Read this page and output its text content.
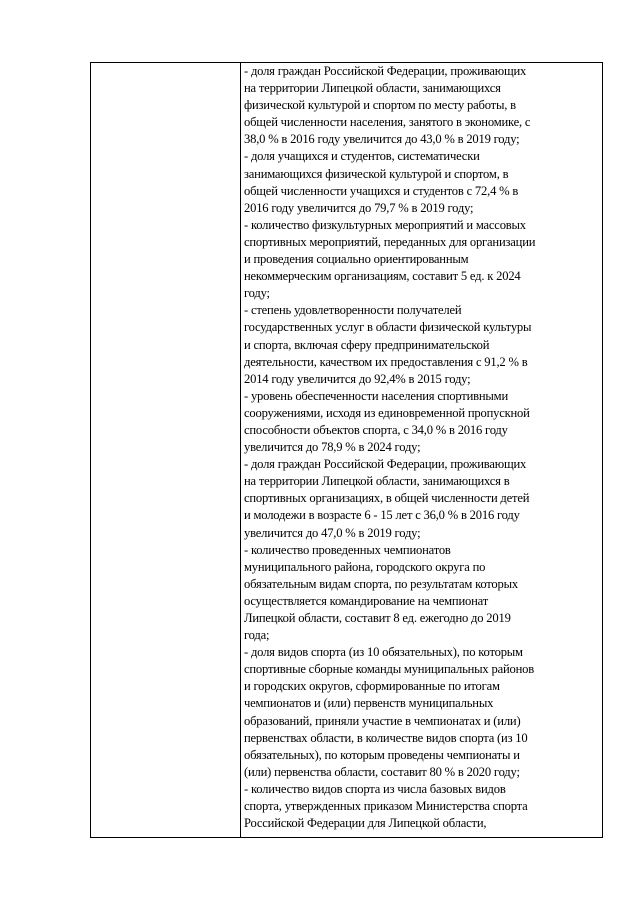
- доля граждан Российской Федерации, проживающих
на территории Липецкой области, занимающихся
физической культурой и спортом по месту работы, в
общей численности населения, занятого в экономике, с
38,0 % в 2016 году увеличится до 43,0 % в 2019 году;

- доля учащихся и студентов, систематически
занимающихся физической культурой и спортом, в
общей численности учащихся и студентов с 72,4 % в
2016 году увеличится до 79,7 % в 2019 году;

- количество физкультурных мероприятий и массовых
спортивных мероприятий, переданных для организации
и проведения социально ориентированным
некоммерческим организациям, составит 5 ед. к 2024
году;

- степень удовлетворенности получателей
государственных услуг в области физической культуры
и спорта, включая сферу предпринимательской
деятельности, качеством их предоставления с 91,2 % в
2014 году увеличится до 92,4% в 2015 году;

- уровень обеспеченности населения спортивными
сооружениями, исходя из единовременной пропускной
способности объектов спорта, с 34,0 % в 2016 году
увеличится до 78,9 % в 2024 году;

- доля граждан Российской Федерации, проживающих
на территории Липецкой области, занимающихся в
спортивных организациях, в общей численности детей
и молодежи в возрасте 6 - 15 лет с 36,0 % в 2016 году
увеличится до 47,0 % в 2019 году;

- количество проведенных чемпионатов
муниципального района, городского округа по
обязательным видам спорта, по результатам которых
осуществляется командирование на чемпионат
Липецкой области, составит 8 ед. ежегодно до 2019
года;

- доля видов спорта (из 10 обязательных), по которым
спортивные сборные команды муниципальных районов
и городских округов, сформированные по итогам
чемпионатов и (или) первенств муниципальных
образований, приняли участие в чемпионатах и (или)
первенствах области, в количестве видов спорта (из 10
обязательных), по которым проведены чемпионаты и
(или) первенства области, составит 80 % в 2020 году;

- количество видов спорта из числа базовых видов
спорта, утвержденных приказом Министерства спорта
Российской Федерации для Липецкой области,
